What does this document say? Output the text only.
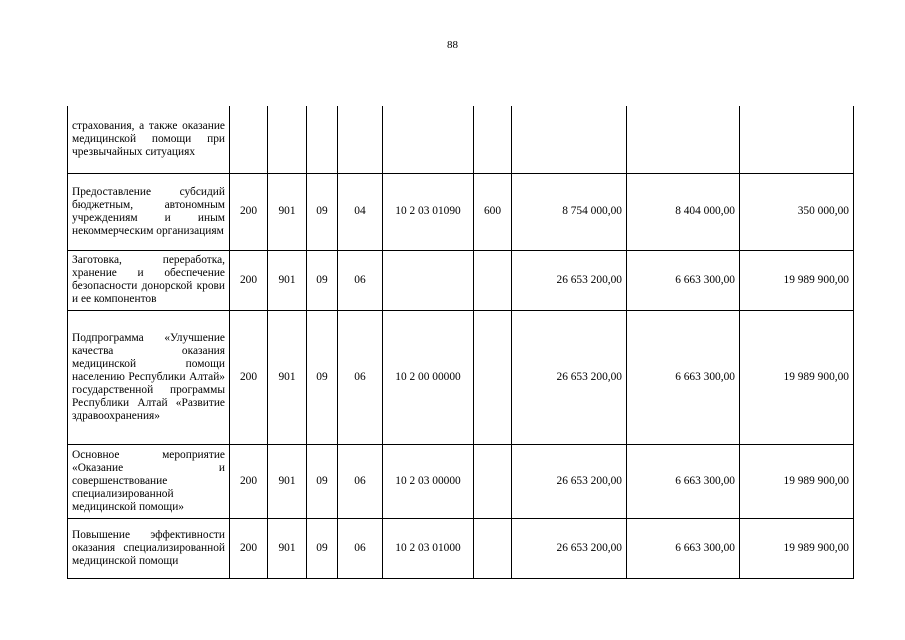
88
страхования, а также оказание медицинской помощи при чрезвычайных ситуациях									
Предоставление субсидий бюджетным, автономным учреждениям и иным некоммерческим организациям	200	901	09	04	10 2 03 01090	600	8 754 000,00	8 404 000,00	350 000,00
Заготовка, переработка, хранение и обеспечение безопасности донорской крови и ее компонентов	200	901	09	06			26 653 200,00	6 663 300,00	19 989 900,00
Подпрограмма «Улучшение качества оказания медицинской помощи населению Республики Алтай» государственной программы Республики Алтай «Развитие здравоохранения»	200	901	09	06	10 2 00 00000		26 653 200,00	6 663 300,00	19 989 900,00
Основное мероприятие «Оказание и совершенствование специализированной медицинской помощи»	200	901	09	06	10 2 03 00000		26 653 200,00	6 663 300,00	19 989 900,00
Повышение эффективности оказания специализированной медицинской помощи	200	901	09	06	10 2 03 01000		26 653 200,00	6 663 300,00	19 989 900,00
